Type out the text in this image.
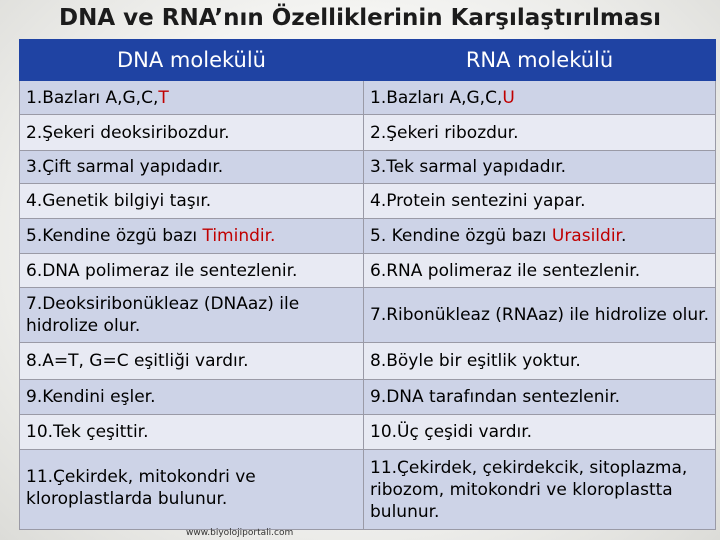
DNA ve RNA’nın Özelliklerinin Karşılaştırılması
DNA molekülü	RNA molekülü
1.Bazları A,G,C,T	1.Bazları A,G,C,U
2.Şekeri deoksiribozdur.	2.Şekeri ribozdur.
3.Çift sarmal yapıdadır.	3.Tek sarmal yapıdadır.
4.Genetik bilgiyi taşır.	4.Protein sentezini yapar.
5.Kendine özgü bazı Timindir.	5. Kendine özgü bazı Urasildir.
6.DNA polimeraz ile sentezlenir.	6.RNA polimeraz ile sentezlenir.
7.Deoksiribonükleaz (DNAaz) ile hidrolize olur.	7.Ribonükleaz (RNAaz) ile hidrolize olur.
8.A=T, G=C eşitliği vardır.	8.Böyle bir eşitlik yoktur.
9.Kendini eşler.	9.DNA tarafından sentezlenir.
10.Tek çeşittir.	10.Üç çeşidi vardır.
11.Çekirdek, mitokondri ve kloroplastlarda bulunur.	11.Çekirdek, çekirdekcik, sitoplazma, ribozom, mitokondri ve kloroplastta bulunur.
www.biyolojiportali.com
